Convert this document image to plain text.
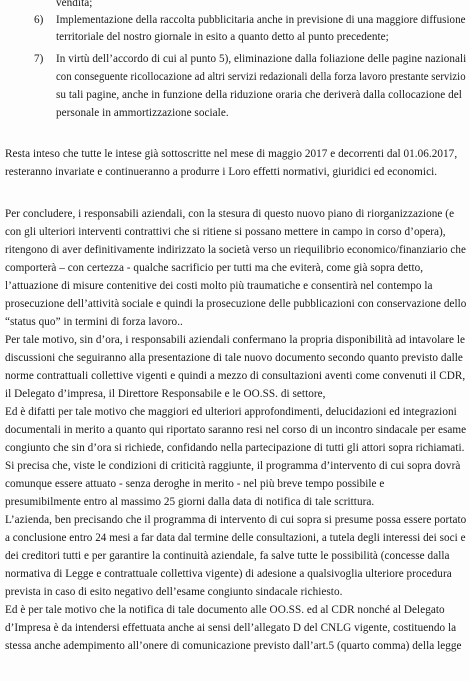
vendita;
6) Implementazione della raccolta pubblicitaria anche in previsione di una maggiore diffusione
territoriale del nostro giornale in esito a quanto detto al punto precedente;
7) In virtù dell’accordo di cui al punto 5), eliminazione dalla foliazione delle pagine nazionali
con conseguente ricollocazione ad altri servizi redazionali della forza lavoro prestante servizio
su tali pagine, anche in funzione della riduzione oraria che deriverà dalla collocazione del
personale in ammortizzazione sociale.
Resta inteso che tutte le intese già sottoscritte nel mese di maggio 2017 e decorrenti dal 01.06.2017,
resteranno invariate e continueranno a produrre i Loro effetti normativi, giuridici ed economici.
Per concludere, i responsabili aziendali, con la stesura di questo nuovo piano di riorganizzazione (e
con gli ulteriori interventi contrattivi che si ritiene si possano mettere in campo in corso d’opera),
ritengono di aver definitivamente indirizzato la società verso un riequilibrio economico/finanziario che
comporterà – con certezza - qualche sacrificio per tutti ma che eviterà, come già sopra detto,
l’attuazione di misure contenitive dei costi molto più traumatiche e consentirà nel contempo la
prosecuzione dell’attività sociale e quindi la prosecuzione delle pubblicazioni con conservazione dello
“status quo” in termini di forza lavoro..
Per tale motivo, sin d’ora, i responsabili aziendali confermano la propria disponibilità ad intavolare le
discussioni che seguiranno alla presentazione di tale nuovo documento secondo quanto previsto dalle
norme contrattuali collettive vigenti e quindi a mezzo di consultazioni aventi come convenuti il CDR,
il Delegato d’impresa, il Direttore Responsabile e le OO.SS. di settore,
Ed è difatti per tale motivo che maggiori ed ulteriori approfondimenti, delucidazioni ed integrazioni
documentali in merito a quanto qui riportato saranno resi nel corso di un incontro sindacale per esame
congiunto che sin d’ora si richiede, confidando nella partecipazione di tutti gli attori sopra richiamati.
Si precisa che, viste le condizioni di criticità raggiunte, il programma d’intervento di cui sopra dovrà
comunque essere attuato - senza deroghe in merito - nel più breve tempo possibile e
presumibilmente entro al massimo 25 giorni dalla data di notifica di tale scrittura.
L’azienda, ben precisando che il programma di intervento di cui sopra si presume possa essere portato
a conclusione entro 24 mesi a far data dal termine delle consultazioni, a tutela degli interessi dei soci e
dei creditori tutti e per garantire la continuità aziendale, fa salve tutte le possibilità (concesse dalla
normativa di Legge e contrattuale collettiva vigente) di adesione a qualsivoglia ulteriore procedura
prevista in caso di esito negativo dell’esame congiunto sindacale richiesto.
Ed è per tale motivo che la notifica di tale documento alle OO.SS. ed al CDR nonché al Delegato
d’Impresa è da intendersi effettuata anche ai sensi dell’allegato D del CNLG vigente, costituendo la
stessa anche adempimento all’onere di comunicazione previsto dall’art.5 (quarto comma) della legge
